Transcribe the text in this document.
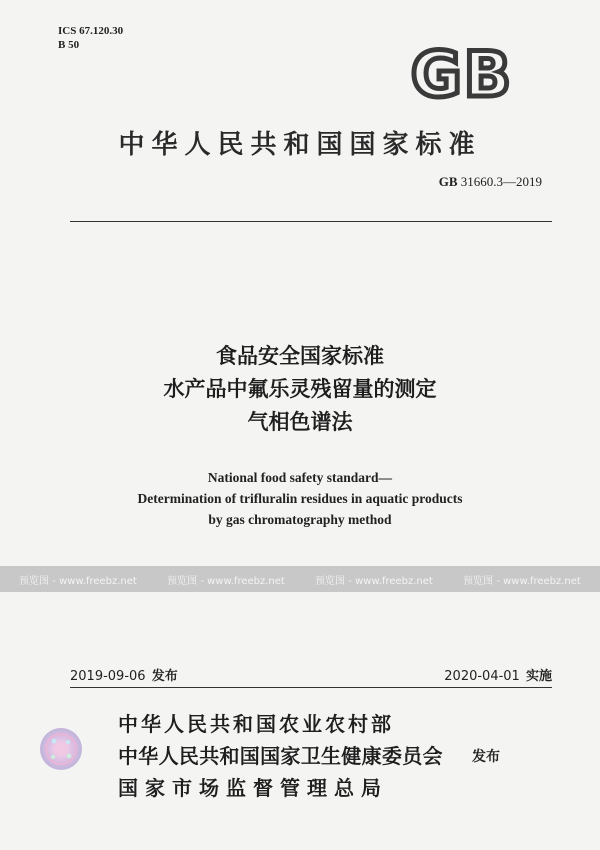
ICS 67.120.30
B 50	GB
中华人民共和国国家标准
GB 31660.3—2019
食品安全国家标准
水产品中氟乐灵残留量的测定
气相色谱法
National food safety standard—
Determination of trifluralin residues in aquatic products
by gas chromatography method
预览图 - www.freebz.net	预览图 - www.freebz.net	预览图 - www.freebz.net	预览图 - www.freebz.net
2019-09-06 发布	2020-04-01 实施
中华人民共和国农业农村部
中华人民共和国国家卫生健康委员会
国家市场监督管理总局
发布
